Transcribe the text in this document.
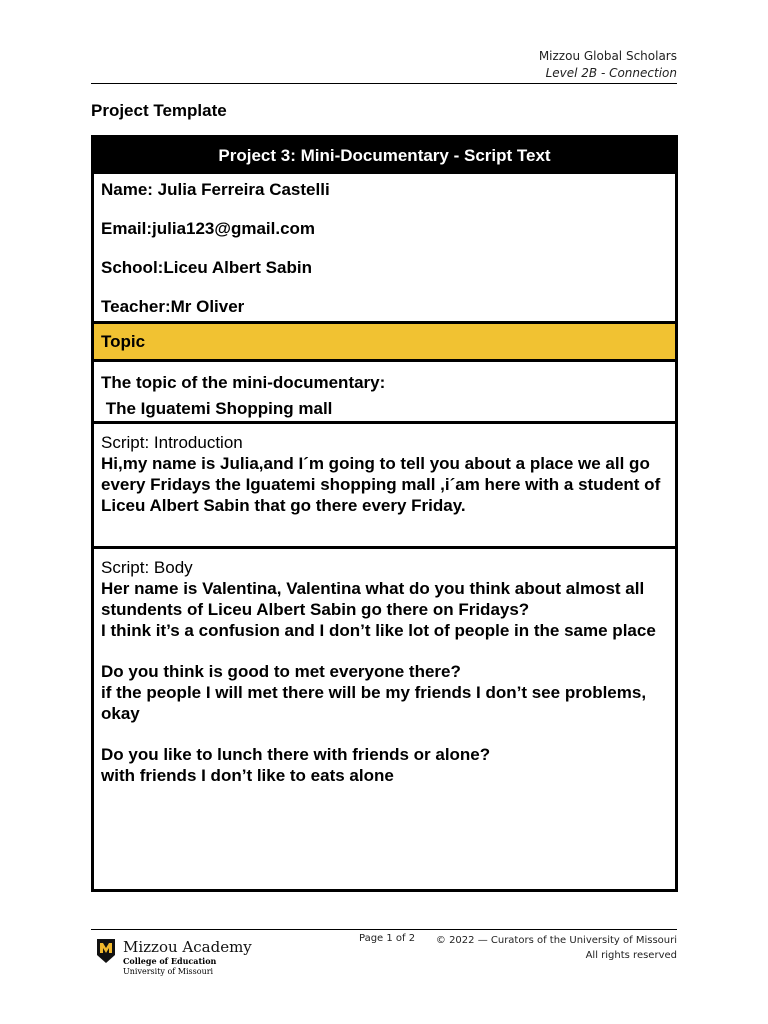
Mizzou Global Scholars
Level 2B - Connection
Project Template
Project 3: Mini-Documentary - Script Text

Name: Julia Ferreira Castelli

Email:julia123@gmail.com

School:Liceu Albert Sabin

Teacher:Mr Oliver

Topic
The topic of the mini-documentary:
The Iguatemi Shopping mall
Script: Introduction
Hi,my name is Julia,and I´m going to tell you about a place we all go every Fridays the Iguatemi shopping mall ,i´am here with a student of Liceu Albert Sabin that go there every Friday.
Script: Body
Her name is Valentina, Valentina what do you think about almost all stundents of Liceu Albert Sabin go there on Fridays?
I think it’s a confusion and I don’t like lot of people in the same place
Do you think is good to met everyone there?
if the people I will met there will be my friends I don’t see problems, okay
Do you like to lunch there with friends or alone?
with friends I don’t like to eats alone
Mizzou Academy
College of Education
University of Missouri
Page 1 of 2 © 2022 — Curators of the University of Missouri
All rights reserved
